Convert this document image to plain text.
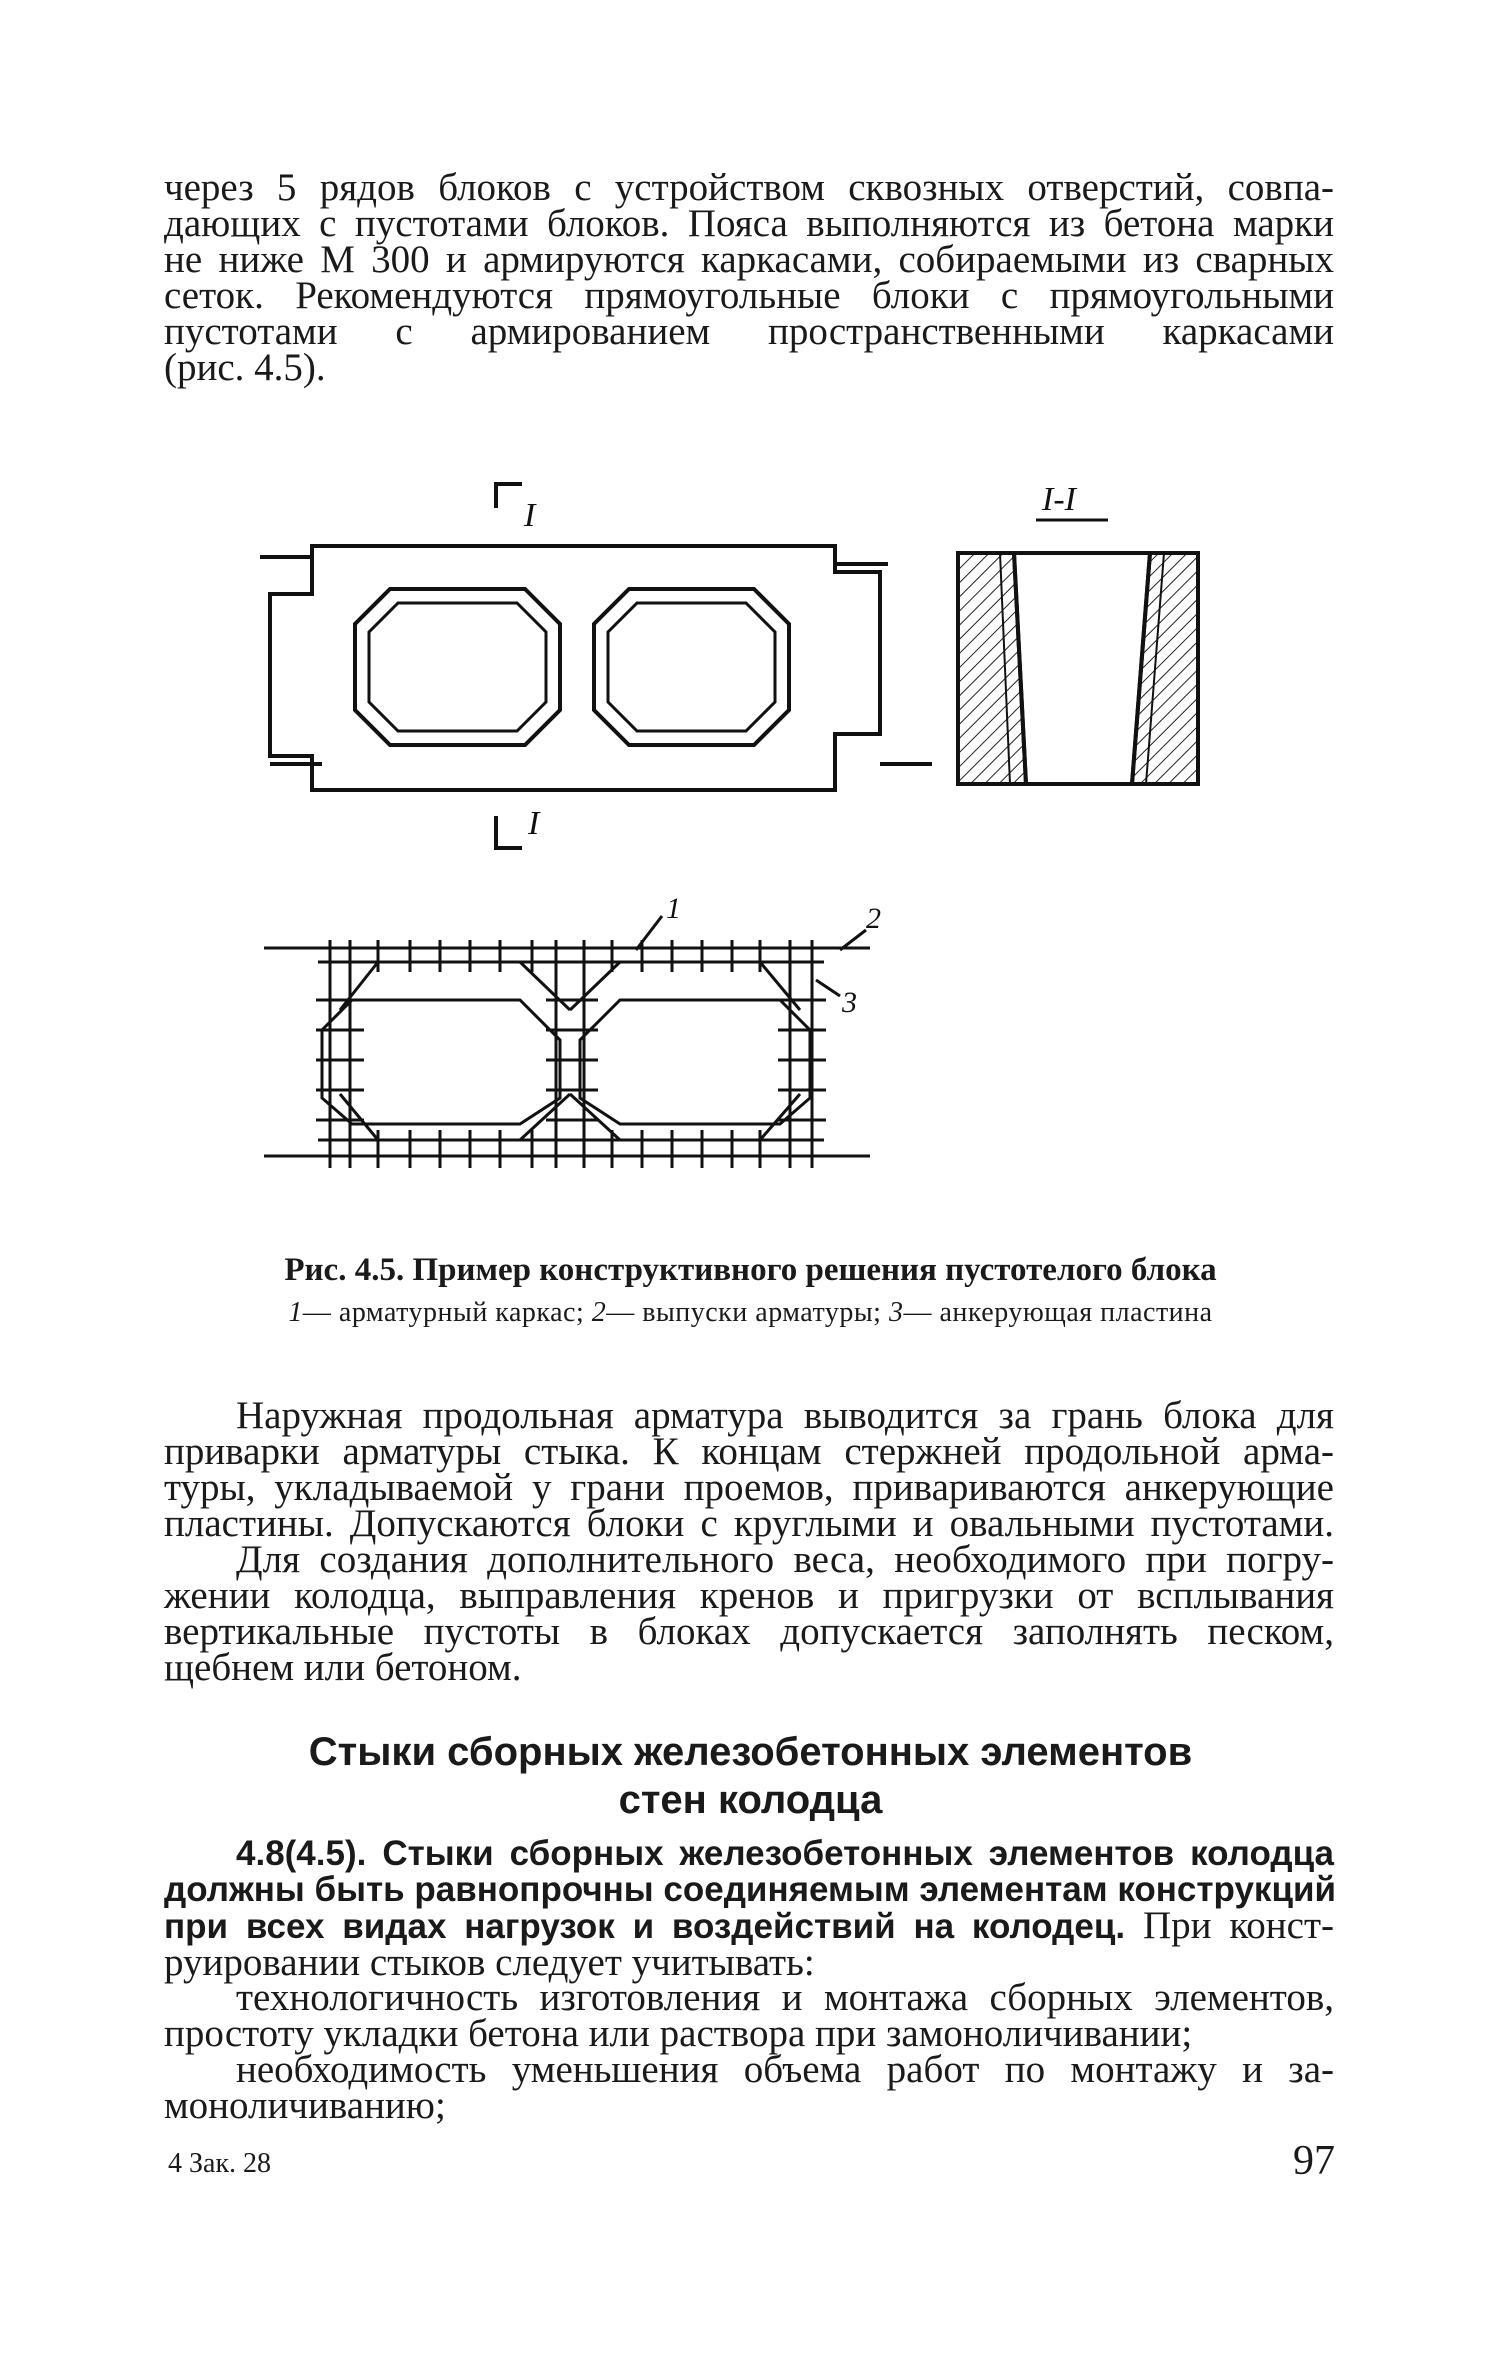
через 5 рядов блоков с устройством сквозных отверстий, совпа-
дающих с пустотами блоков. Пояса выполняются из бетона марки
не ниже М 300 и армируются каркасами, собираемыми из сварных
сеток. Рекомендуются прямоугольные блоки с прямоугольными
пустотами с армированием пространственными каркасами
(рис. 4.5).

I
I
I-I
1	2
3
Рис. 4.5. Пример конструктивного решения пустотелого блока
1— арматурный каркас; 2— выпуски арматуры; 3— анкерующая пластина

Наружная продольная арматура выводится за грань блока для
приварки арматуры стыка. К концам стержней продольной арма-
туры, укладываемой у грани проемов, привариваются анкерующие
пластины. Допускаются блоки с круглыми и овальными пустотами.

Для создания дополнительного веса, необходимого при погру-
жении колодца, выправления кренов и пригрузки от всплывания
вертикальные пустоты в блоках допускается заполнять песком,
щебнем или бетоном.

Стыки сборных железобетонных элементов
стен колодца

4.8(4.5). Стыки сборных железобетонных элементов колодца
должны быть равнопрочны соединяемым элементам конструкций
при всех видах нагрузок и воздействий на колодец. При конст-
руировании стыков следует учитывать:

технологичность изготовления и монтажа сборных элементов,
простоту укладки бетона или раствора при замоноличивании;

необходимость уменьшения объема работ по монтажу и за-
моноличиванию;

4 Зак. 28	97
